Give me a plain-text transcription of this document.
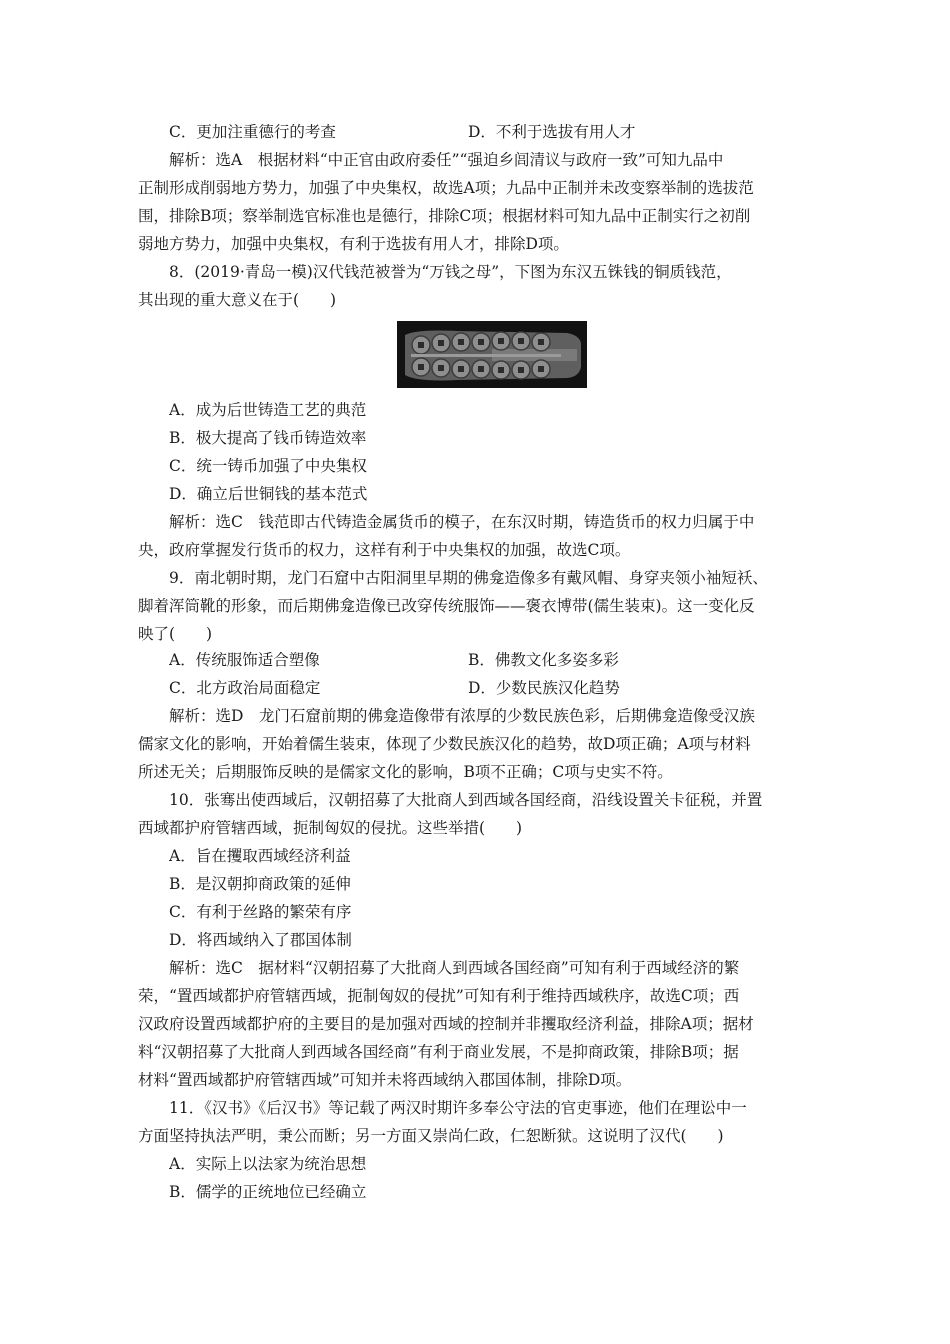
C．更加注重德行的考查	D．不利于选拔有用人才
解析：选A　根据材料“中正官由政府委任”“强迫乡闾清议与政府一致”可知九品中
正制形成削弱地方势力，加强了中央集权，故选A项；九品中正制并未改变察举制的选拔范
围，排除B项；察举制选官标准也是德行，排除C项；根据材料可知九品中正制实行之初削
弱地方势力，加强中央集权，有利于选拔有用人才，排除D项。
8．(2019·青岛一模)汉代钱范被誉为“万钱之母”，下图为东汉五铢钱的铜质钱范，
其出现的重大意义在于(　　)
A．成为后世铸造工艺的典范
B．极大提高了钱币铸造效率
C．统一铸币加强了中央集权
D．确立后世铜钱的基本范式
解析：选C　钱范即古代铸造金属货币的模子，在东汉时期，铸造货币的权力归属于中
央，政府掌握发行货币的权力，这样有利于中央集权的加强，故选C项。
9．南北朝时期，龙门石窟中古阳洞里早期的佛龛造像多有戴风帽、身穿夹领小袖短袄、
脚着浑筒靴的形象，而后期佛龛造像已改穿传统服饰——褒衣博带(儒生装束)。这一变化反
映了(　　)
A．传统服饰适合塑像	B．佛教文化多姿多彩
C．北方政治局面稳定	D．少数民族汉化趋势
解析：选D　龙门石窟前期的佛龛造像带有浓厚的少数民族色彩，后期佛龛造像受汉族
儒家文化的影响，开始着儒生装束，体现了少数民族汉化的趋势，故D项正确；A项与材料
所述无关；后期服饰反映的是儒家文化的影响，B项不正确；C项与史实不符。
10．张骞出使西域后，汉朝招募了大批商人到西域各国经商，沿线设置关卡征税，并置
西域都护府管辖西域，扼制匈奴的侵扰。这些举措(　　)
A．旨在攫取西域经济利益
B．是汉朝抑商政策的延伸
C．有利于丝路的繁荣有序
D．将西域纳入了郡国体制
解析：选C　据材料“汉朝招募了大批商人到西域各国经商”可知有利于西域经济的繁
荣，“置西域都护府管辖西域，扼制匈奴的侵扰”可知有利于维持西域秩序，故选C项；西
汉政府设置西域都护府的主要目的是加强对西域的控制并非攫取经济利益，排除A项；据材
料“汉朝招募了大批商人到西域各国经商”有利于商业发展，不是抑商政策，排除B项；据
材料“置西域都护府管辖西域”可知并未将西域纳入郡国体制，排除D项。
11．《汉书》《后汉书》等记载了两汉时期许多奉公守法的官吏事迹，他们在理讼中一
方面坚持执法严明，秉公而断；另一方面又崇尚仁政，仁恕断狱。这说明了汉代(　　)
A．实际上以法家为统治思想
B．儒学的正统地位已经确立
